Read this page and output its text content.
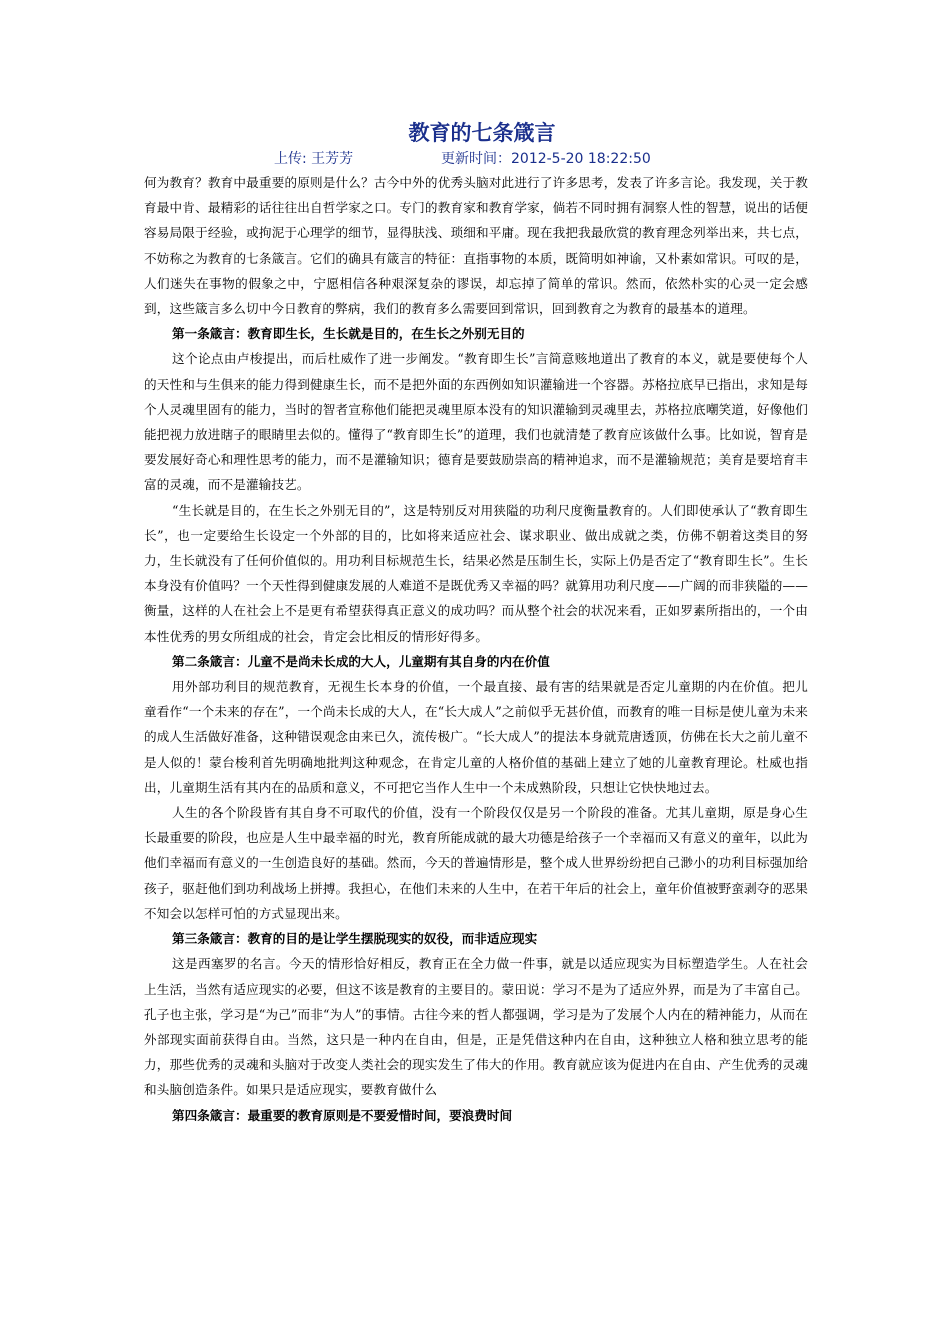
教育的七条箴言
上传: 王芳芳	更新时间：2012-5-20 18:22:50

何为教育？教育中最重要的原则是什么？古今中外的优秀头脑对此进行了许多思考，发表了许多言论。我发现，关于教育最中肯、最精彩的话往往出自哲学家之口。专门的教育家和教育学家，倘若不同时拥有洞察人性的智慧，说出的话便容易局限于经验，或拘泥于心理学的细节，显得肤浅、琐细和平庸。现在我把我最欣赏的教育理念列举出来，共七点，不妨称之为教育的七条箴言。它们的确具有箴言的特征：直指事物的本质，既简明如神谕，又朴素如常识。可叹的是，人们迷失在事物的假象之中，宁愿相信各种艰深复杂的谬误，却忘掉了简单的常识。然而，依然朴实的心灵一定会感到，这些箴言多么切中今日教育的弊病，我们的教育多么需要回到常识，回到教育之为教育的最基本的道理。

第一条箴言：教育即生长，生长就是目的，在生长之外别无目的

这个论点由卢梭提出，而后杜威作了进一步阐发。“教育即生长”言简意赅地道出了教育的本义，就是要使每个人的天性和与生俱来的能力得到健康生长，而不是把外面的东西例如知识灌输进一个容器。苏格拉底早已指出，求知是每个人灵魂里固有的能力，当时的智者宣称他们能把灵魂里原本没有的知识灌输到灵魂里去，苏格拉底嘲笑道，好像他们能把视力放进瞎子的眼睛里去似的。懂得了“教育即生长”的道理，我们也就清楚了教育应该做什么事。比如说，智育是要发展好奇心和理性思考的能力，而不是灌输知识；德育是要鼓励崇高的精神追求，而不是灌输规范；美育是要培育丰富的灵魂，而不是灌输技艺。

“生长就是目的，在生长之外别无目的”，这是特别反对用狭隘的功利尺度衡量教育的。人们即使承认了“教育即生长”，也一定要给生长设定一个外部的目的，比如将来适应社会、谋求职业、做出成就之类，仿佛不朝着这类目的努力，生长就没有了任何价值似的。用功利目标规范生长，结果必然是压制生长，实际上仍是否定了“教育即生长”。生长本身没有价值吗？一个天性得到健康发展的人难道不是既优秀又幸福的吗？就算用功利尺度——广阔的而非狭隘的——衡量，这样的人在社会上不是更有希望获得真正意义的成功吗？而从整个社会的状况来看，正如罗素所指出的，一个由本性优秀的男女所组成的社会，肯定会比相反的情形好得多。

第二条箴言：儿童不是尚未长成的大人，儿童期有其自身的内在价值

用外部功利目的规范教育，无视生长本身的价值，一个最直接、最有害的结果就是否定儿童期的内在价值。把儿童看作“一个未来的存在”，一个尚未长成的大人，在“长大成人”之前似乎无甚价值，而教育的唯一目标是使儿童为未来的成人生活做好准备，这种错误观念由来已久，流传极广。“长大成人”的提法本身就荒唐透顶，仿佛在长大之前儿童不是人似的！蒙台梭利首先明确地批判这种观念，在肯定儿童的人格价值的基础上建立了她的儿童教育理论。杜威也指出，儿童期生活有其内在的品质和意义，不可把它当作人生中一个未成熟阶段，只想让它快快地过去。

人生的各个阶段皆有其自身不可取代的价值，没有一个阶段仅仅是另一个阶段的准备。尤其儿童期，原是身心生长最重要的阶段，也应是人生中最幸福的时光，教育所能成就的最大功德是给孩子一个幸福而又有意义的童年，以此为他们幸福而有意义的一生创造良好的基础。然而，今天的普遍情形是，整个成人世界纷纷把自己渺小的功利目标强加给孩子，驱赶他们到功利战场上拼搏。我担心，在他们未来的人生中，在若干年后的社会上，童年价值被野蛮剥夺的恶果不知会以怎样可怕的方式显现出来。

第三条箴言：教育的目的是让学生摆脱现实的奴役，而非适应现实

这是西塞罗的名言。今天的情形恰好相反，教育正在全力做一件事，就是以适应现实为目标塑造学生。人在社会上生活，当然有适应现实的必要，但这不该是教育的主要目的。蒙田说：学习不是为了适应外界，而是为了丰富自己。孔子也主张，学习是“为己”而非“为人”的事情。古往今来的哲人都强调，学习是为了发展个人内在的精神能力，从而在外部现实面前获得自由。当然，这只是一种内在自由，但是，正是凭借这种内在自由，这种独立人格和独立思考的能力，那些优秀的灵魂和头脑对于改变人类社会的现实发生了伟大的作用。教育就应该为促进内在自由、产生优秀的灵魂和头脑创造条件。如果只是适应现实，要教育做什么

第四条箴言：最重要的教育原则是不要爱惜时间，要浪费时间
